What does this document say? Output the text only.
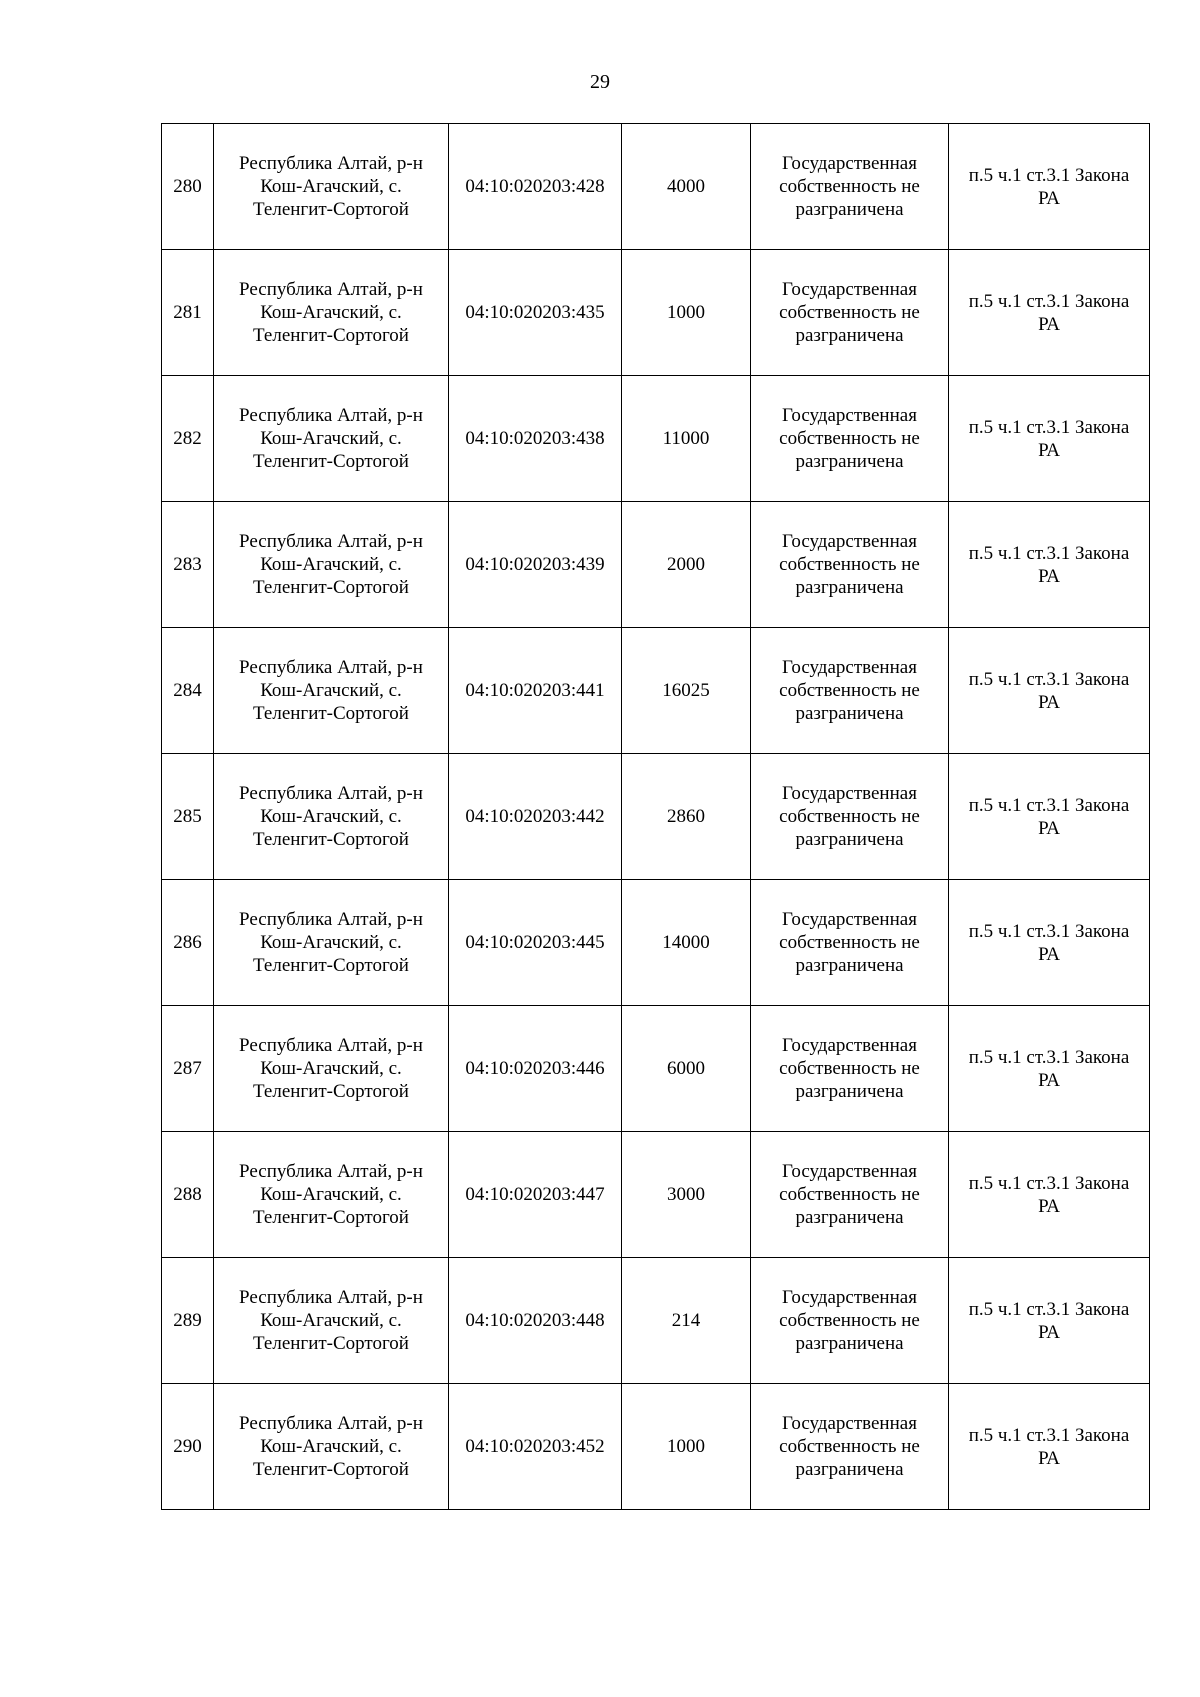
29
280	Республика Алтай, р-н
Кош-Агачский, с.
Теленгит-Сортогой	04:10:020203:428	4000	Государственная
собственность не
разграничена	п.5 ч.1 ст.3.1 Закона
РА

281	Республика Алтай, р-н
Кош-Агачский, с.
Теленгит-Сортогой	04:10:020203:435	1000	Государственная
собственность не
разграничена	п.5 ч.1 ст.3.1 Закона
РА

282	Республика Алтай, р-н
Кош-Агачский, с.
Теленгит-Сортогой	04:10:020203:438	11000	Государственная
собственность не
разграничена	п.5 ч.1 ст.3.1 Закона
РА

283	Республика Алтай, р-н
Кош-Агачский, с.
Теленгит-Сортогой	04:10:020203:439	2000	Государственная
собственность не
разграничена	п.5 ч.1 ст.3.1 Закона
РА

284	Республика Алтай, р-н
Кош-Агачский, с.
Теленгит-Сортогой	04:10:020203:441	16025	Государственная
собственность не
разграничена	п.5 ч.1 ст.3.1 Закона
РА

285	Республика Алтай, р-н
Кош-Агачский, с.
Теленгит-Сортогой	04:10:020203:442	2860	Государственная
собственность не
разграничена	п.5 ч.1 ст.3.1 Закона
РА

286	Республика Алтай, р-н
Кош-Агачский, с.
Теленгит-Сортогой	04:10:020203:445	14000	Государственная
собственность не
разграничена	п.5 ч.1 ст.3.1 Закона
РА

287	Республика Алтай, р-н
Кош-Агачский, с.
Теленгит-Сортогой	04:10:020203:446	6000	Государственная
собственность не
разграничена	п.5 ч.1 ст.3.1 Закона
РА

288	Республика Алтай, р-н
Кош-Агачский, с.
Теленгит-Сортогой	04:10:020203:447	3000	Государственная
собственность не
разграничена	п.5 ч.1 ст.3.1 Закона
РА

289	Республика Алтай, р-н
Кош-Агачский, с.
Теленгит-Сортогой	04:10:020203:448	214	Государственная
собственность не
разграничена	п.5 ч.1 ст.3.1 Закона
РА

290	Республика Алтай, р-н
Кош-Агачский, с.
Теленгит-Сортогой	04:10:020203:452	1000	Государственная
собственность не
разграничена	п.5 ч.1 ст.3.1 Закона
РА
